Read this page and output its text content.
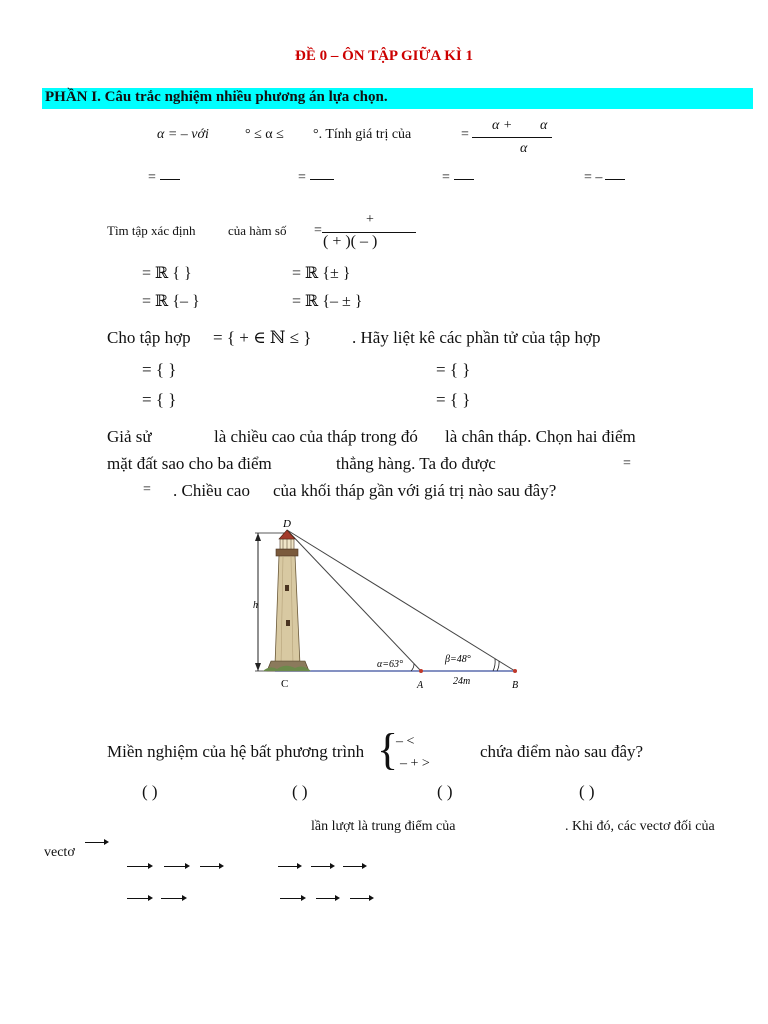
ĐỀ 0 – ÔN TẬP GIỮA KÌ 1
PHẦN I. Câu trắc nghiệm nhiều phương án lựa chọn.
α = – với	° ≤ α ≤ °. Tính giá trị của	=
α + α
α
=	=	=	= –
Tìm tập xác định	của hàm số =
+
( + )( – )
= ℝ { }	= ℝ {± }
= ℝ {– }	= ℝ {– ± }
Cho tập hợp = { + ∈ ℕ ≤ } . Hãy liệt kê các phần tử của tập hợp
= { }	= { }
= { }	= { }
Giả sử	là chiều cao của tháp trong đó là chân tháp. Chọn hai điểm
mặt đất sao cho ba điểm	thẳng hàng. Ta đo được	=
= . Chiều cao của khối tháp gần với giá trị nào sau đây?
D
h
C	A	B
α=63°	β=48°
24m
Miền nghiệm của hệ bất phương trình {
– <
– + >
chứa điểm nào sau đây?
( )	( )	( )	( )
lần lượt là trung điểm của	. Khi đó, các vectơ đối của
vectơ
